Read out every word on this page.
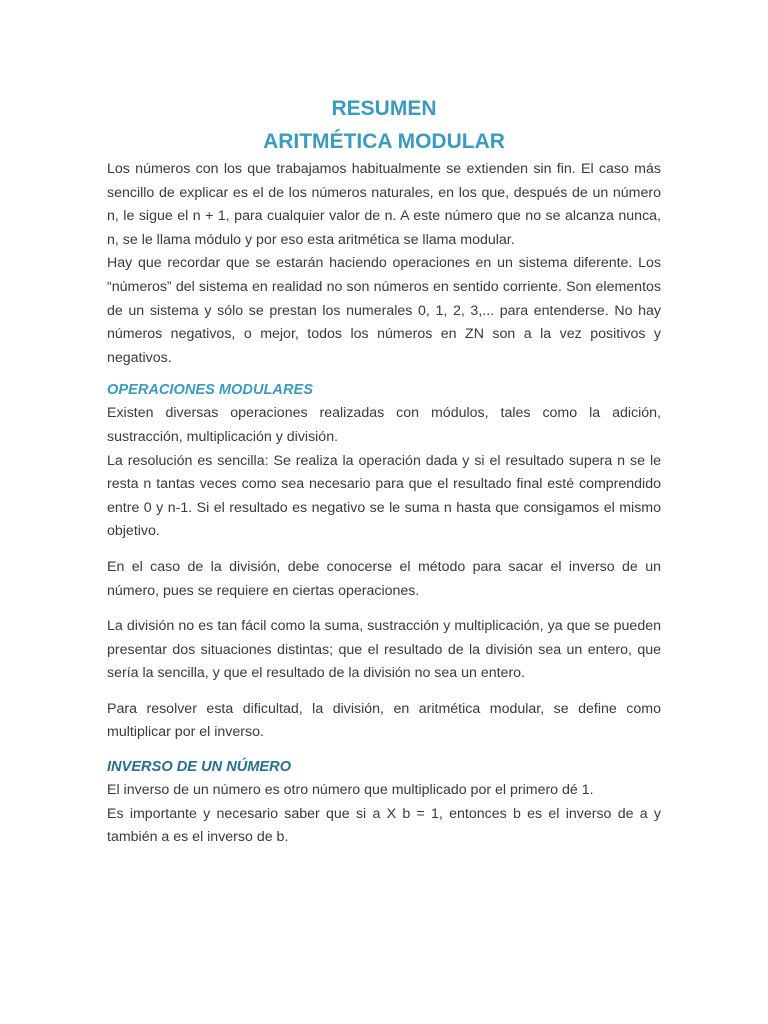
RESUMEN
ARITMÉTICA MODULAR

Los números con los que trabajamos habitualmente se extienden sin fin. El caso más sencillo de explicar es el de los números naturales, en los que, después de un número n, le sigue el n + 1, para cualquier valor de n. A este número que no se alcanza nunca, n, se le llama módulo y por eso esta aritmética se llama modular.

Hay que recordar que se estarán haciendo operaciones en un sistema diferente. Los “números” del sistema en realidad no son números en sentido corriente. Son elementos de un sistema y sólo se prestan los numerales 0, 1, 2, 3,... para entenderse. No hay números negativos, o mejor, todos los números en ZN son a la vez positivos y negativos.

OPERACIONES MODULARES

Existen diversas operaciones realizadas con módulos, tales como la adición, sustracción, multiplicación y división.

La resolución es sencilla: Se realiza la operación dada y si el resultado supera n se le resta n tantas veces como sea necesario para que el resultado final esté comprendido entre 0 y n-1. Si el resultado es negativo se le suma n hasta que consigamos el mismo objetivo.

En el caso de la división, debe conocerse el método para sacar el inverso de un número, pues se requiere en ciertas operaciones.

La división no es tan fácil como la suma, sustracción y multiplicación, ya que se pueden presentar dos situaciones distintas; que el resultado de la división sea un entero, que sería la sencilla, y que el resultado de la división no sea un entero.

Para resolver esta dificultad, la división, en aritmética modular, se define como multiplicar por el inverso.

INVERSO DE UN NÚMERO

El inverso de un número es otro número que multiplicado por el primero dé 1.

Es importante y necesario saber que si a X b = 1, entonces b es el inverso de a y también a es el inverso de b.
